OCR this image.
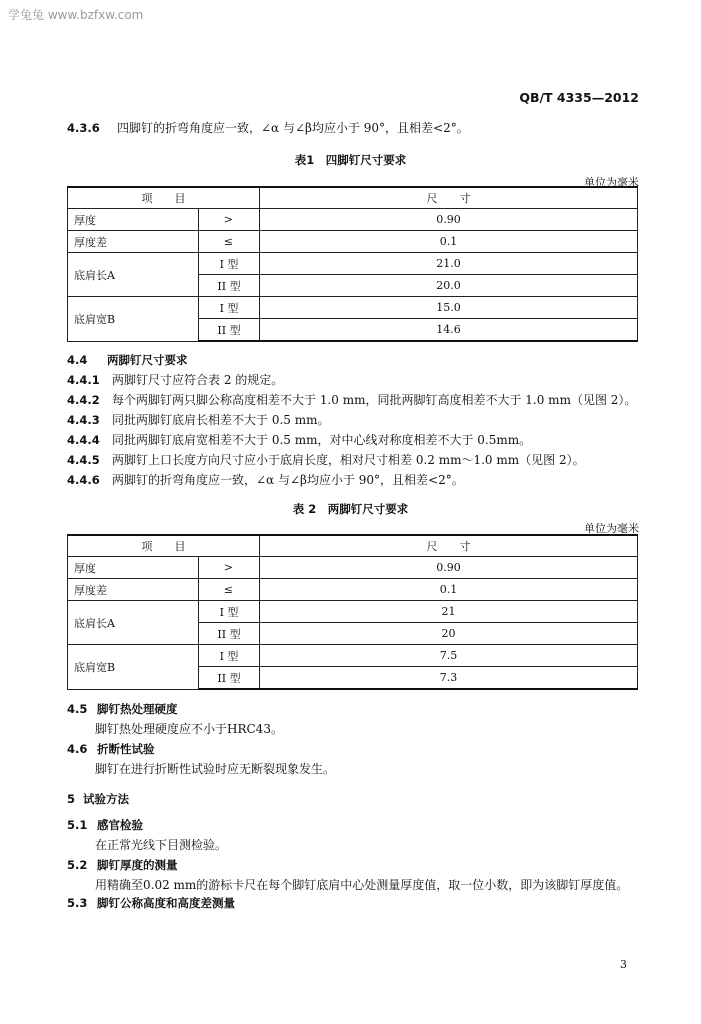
学兔兔 www.bzfxw.com
QB/T 4335—2012
4.3.6 四脚钉的折弯角度应一致，∠α 与∠β均应小于 90°，且相差<2°。
表1　四脚钉尺寸要求
单位为毫米
项　　目		尺　　寸
厚度	>	0.90
厚度差	≤	0.1
底肩长A	I 型	21.0
	II 型	20.0
底肩宽B	I 型	15.0
	II 型	14.6
4.4 两脚钉尺寸要求
4.4.1 两脚钉尺寸应符合表 2 的规定。
4.4.2 每个两脚钉两只脚公称高度相差不大于 1.0 mm，同批两脚钉高度相差不大于 1.0 mm（见图 2）。
4.4.3 同批两脚钉底肩长相差不大于 0.5 mm。
4.4.4 同批两脚钉底肩宽相差不大于 0.5 mm，对中心线对称度相差不大于 0.5mm。
4.4.5 两脚钉上口长度方向尺寸应小于底肩长度，相对尺寸相差 0.2 mm～1.0 mm（见图 2）。
4.4.6 两脚钉的折弯角度应一致，∠α 与∠β均应小于 90°，且相差<2°。
表 2　两脚钉尺寸要求
单位为毫米
项　　目		尺　　寸
厚度	>	0.90
厚度差	≤	0.1
底肩长A	I 型	21
	II 型	20
底肩宽B	I 型	7.5
	II 型	7.3
4.5 脚钉热处理硬度
脚钉热处理硬度应不小于HRC43。
4.6 折断性试验
脚钉在进行折断性试验时应无断裂现象发生。
5 试验方法
5.1 感官检验
在正常光线下目测检验。
5.2 脚钉厚度的测量
用精确至0.02 mm的游标卡尺在每个脚钉底肩中心处测量厚度值，取一位小数，即为该脚钉厚度值。
5.3 脚钉公称高度和高度差测量
3
